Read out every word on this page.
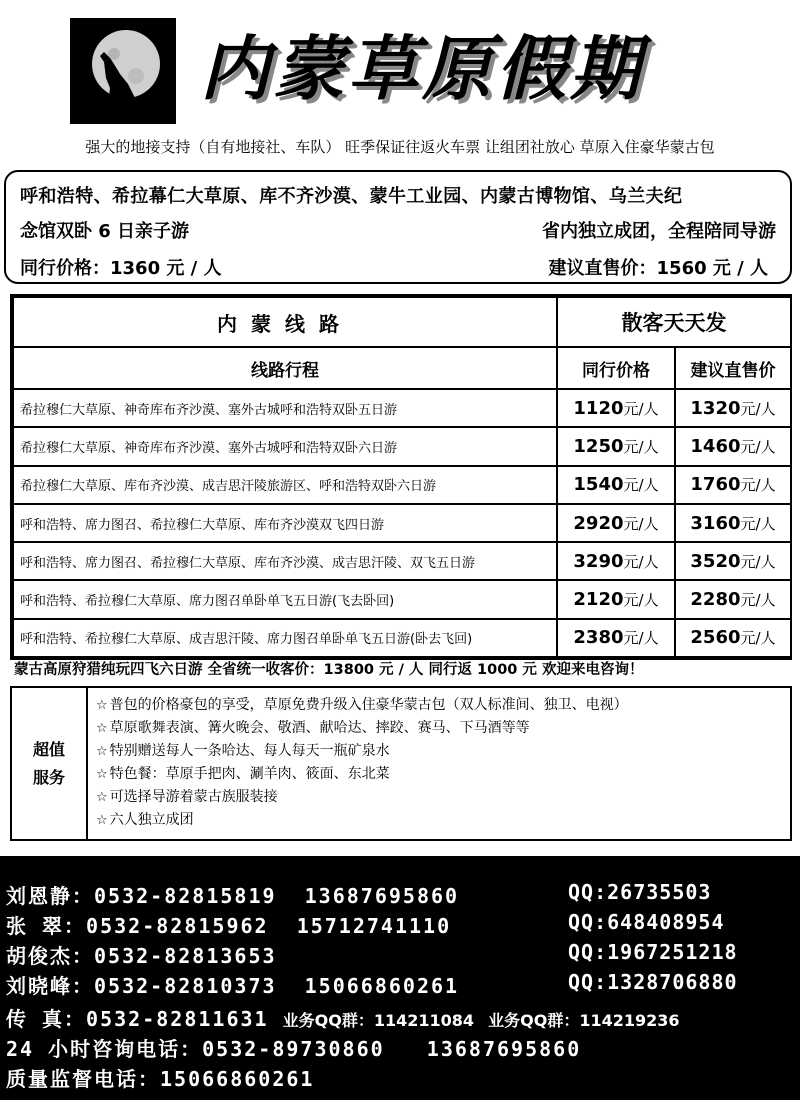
内蒙草原假期
强大的地接支持（自有地接社、车队） 旺季保证往返火车票 让组团社放心 草原入住豪华蒙古包
呼和浩特、希拉幕仁大草原、库不齐沙漠、蒙牛工业园、内蒙古博物馆、乌兰夫纪
念馆双卧 6 日亲子游	省内独立成团，全程陪同导游
同行价格：1360 元 / 人	建议直售价：1560 元 / 人
内蒙线路	散客天天发	
线路行程	同行价格	建议直售价
希拉穆仁大草原、神奇库布齐沙漠、塞外古城呼和浩特双卧五日游	1120元/人	1320元/人
希拉穆仁大草原、神奇库布齐沙漠、塞外古城呼和浩特双卧六日游	1250元/人	1460元/人
希拉穆仁大草原、库布齐沙漠、成吉思汗陵旅游区、呼和浩特双卧六日游	1540元/人	1760元/人
呼和浩特、席力图召、希拉穆仁大草原、库布齐沙漠双飞四日游	2920元/人	3160元/人
呼和浩特、席力图召、希拉穆仁大草原、库布齐沙漠、成吉思汗陵、双飞五日游	3290元/人	3520元/人
呼和浩特、希拉穆仁大草原、席力图召单卧单飞五日游(飞去卧回)	2120元/人	2280元/人
呼和浩特、希拉穆仁大草原、成吉思汗陵、席力图召单卧单飞五日游(卧去飞回)	2380元/人	2560元/人
蒙古高原狩猎纯玩四飞六日游 全省统一收客价：13800 元 / 人 同行返 1000 元 欢迎来电咨询！
超值
服务
☆ 普包的价格豪包的享受，草原免费升级入住豪华蒙古包（双人标准间、独卫、电视）
☆ 草原歌舞表演、篝火晚会、敬酒、献哈达、摔跤、赛马、下马酒等等
☆ 特别赠送每人一条哈达、每人每天一瓶矿泉水
☆ 特色餐：草原手把肉、涮羊肉、筱面、东北菜
☆ 可选择导游着蒙古族服装接
☆ 六人独立成团
刘恩静：0532-82815819 13687695860	QQ:26735503
张 翠：0532-82815962 15712741110	QQ:648408954
胡俊杰：0532-82813653	QQ:1967251218
刘晓峰：0532-82810373 15066860261	QQ:1328706880
传 真：0532-82811631 业务QQ群：114211084 业务QQ群：114219236
24 小时咨询电话：0532-89730860 13687695860
质量监督电话：15066860261
